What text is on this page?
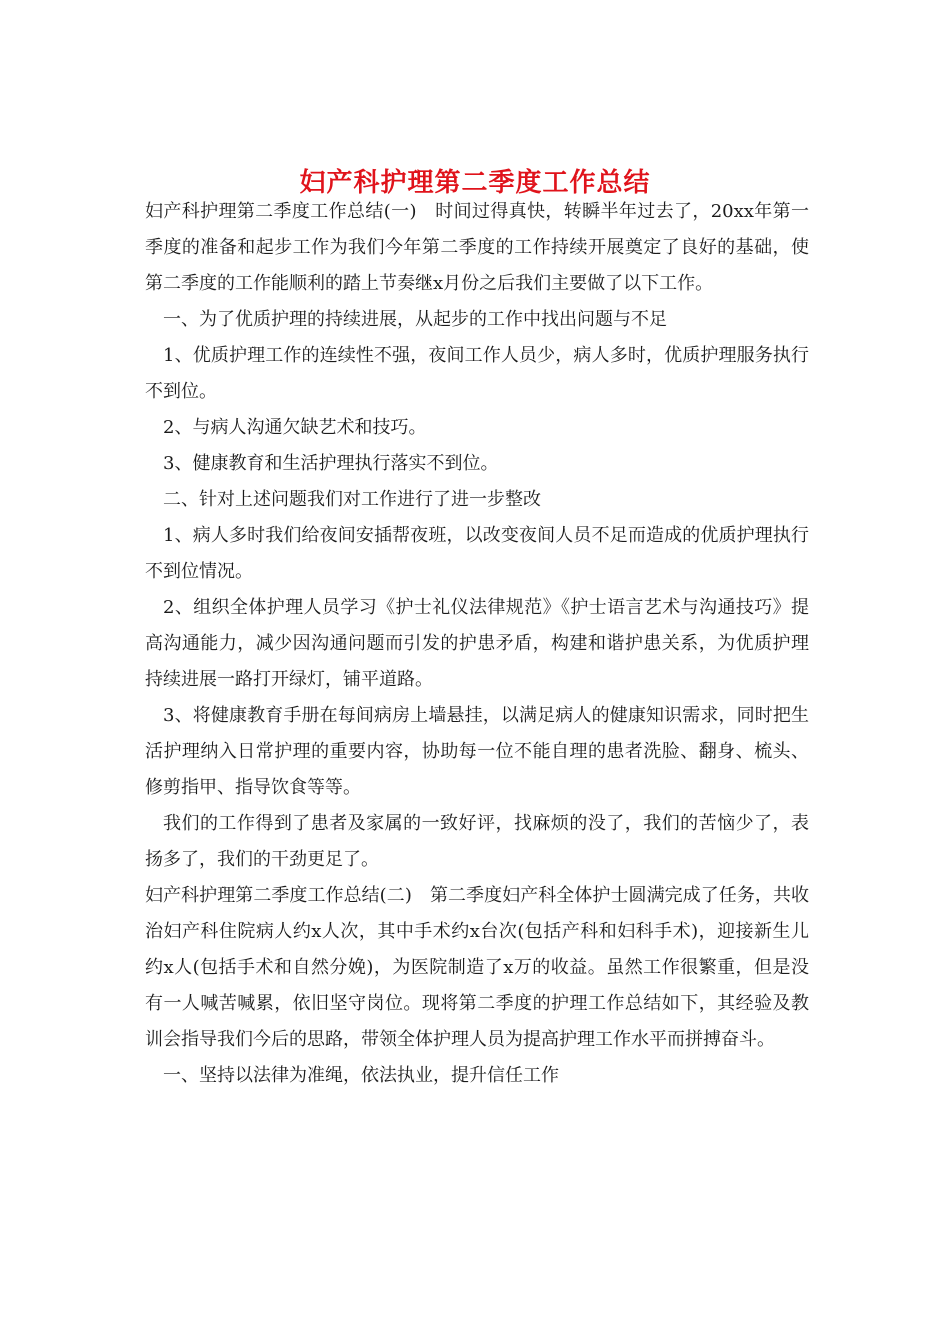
妇产科护理第二季度工作总结

妇产科护理第二季度工作总结(一)　时间过得真快，转瞬半年过去了，20xx年第一季度的准备和起步工作为我们今年第二季度的工作持续开展奠定了良好的基础，使第二季度的工作能顺利的踏上节奏继x月份之后我们主要做了以下工作。

一、为了优质护理的持续进展，从起步的工作中找出问题与不足

1、优质护理工作的连续性不强，夜间工作人员少，病人多时，优质护理服务执行不到位。

2、与病人沟通欠缺艺术和技巧。

3、健康教育和生活护理执行落实不到位。

二、针对上述问题我们对工作进行了进一步整改

1、病人多时我们给夜间安插帮夜班，以改变夜间人员不足而造成的优质护理执行不到位情况。

2、组织全体护理人员学习《护士礼仪法律规范》《护士语言艺术与沟通技巧》提高沟通能力，减少因沟通问题而引发的护患矛盾，构建和谐护患关系，为优质护理持续进展一路打开绿灯，铺平道路。

3、将健康教育手册在每间病房上墙悬挂，以满足病人的健康知识需求，同时把生活护理纳入日常护理的重要内容，协助每一位不能自理的患者洗脸、翻身、梳头、修剪指甲、指导饮食等等。

我们的工作得到了患者及家属的一致好评，找麻烦的没了，我们的苦恼少了，表扬多了，我们的干劲更足了。

妇产科护理第二季度工作总结(二)　第二季度妇产科全体护士圆满完成了任务，共收治妇产科住院病人约x人次，其中手术约x台次(包括产科和妇科手术)，迎接新生儿约x人(包括手术和自然分娩)，为医院制造了x万的收益。虽然工作很繁重，但是没有一人喊苦喊累，依旧坚守岗位。现将第二季度的护理工作总结如下，其经验及教训会指导我们今后的思路，带领全体护理人员为提高护理工作水平而拼搏奋斗。

一、坚持以法律为准绳，依法执业，提升信任工作
